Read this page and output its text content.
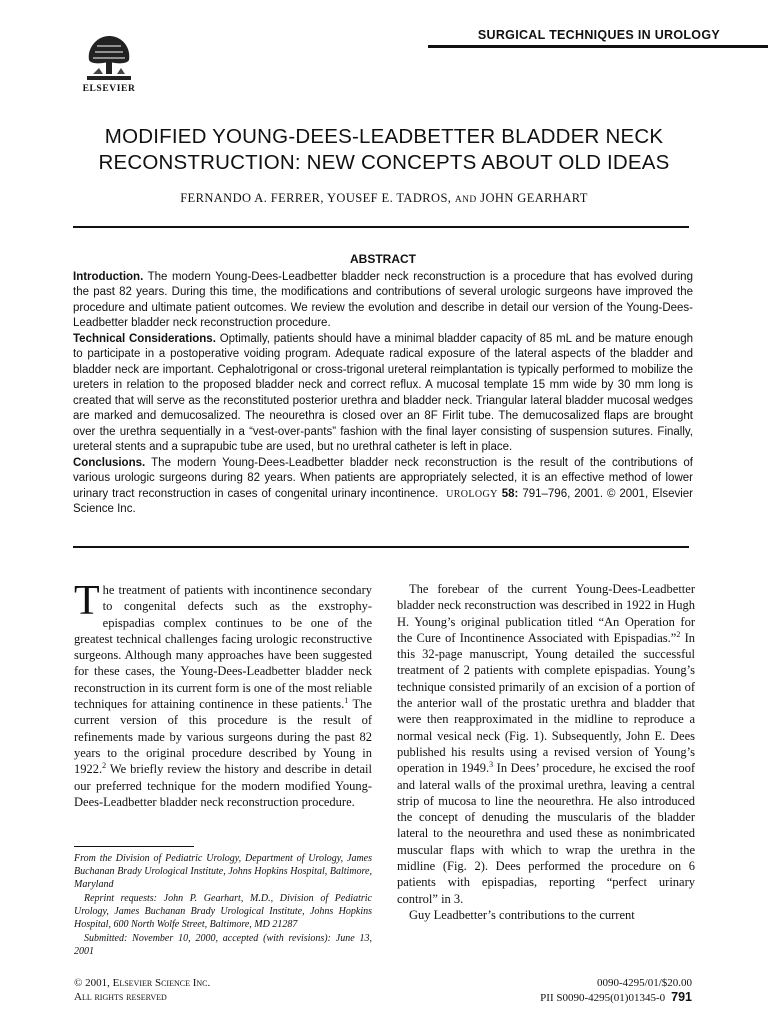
ELSEVIER
SURGICAL TECHNIQUES IN UROLOGY
MODIFIED YOUNG-DEES-LEADBETTER BLADDER NECK
RECONSTRUCTION: NEW CONCEPTS ABOUT OLD IDEAS
FERNANDO A. FERRER, YOUSEF E. TADROS, AND JOHN GEARHART
ABSTRACT

Introduction. The modern Young-Dees-Leadbetter bladder neck reconstruction is a procedure that has evolved during the past 82 years. During this time, the modifications and contributions of several urologic surgeons have improved the procedure and ultimate patient outcomes. We review the evolution and describe in detail our version of the Young-Dees-Leadbetter bladder neck reconstruction procedure.

Technical Considerations. Optimally, patients should have a minimal bladder capacity of 85 mL and be mature enough to participate in a postoperative voiding program. Adequate radical exposure of the lateral aspects of the bladder and bladder neck are important. Cephalotrigonal or cross-trigonal ureteral reimplantation is typically performed to mobilize the ureters in relation to the proposed bladder neck and correct reflux. A mucosal template 15 mm wide by 30 mm long is created that will serve as the reconstituted posterior urethra and bladder neck. Triangular lateral bladder mucosal wedges are marked and demucosalized. The neourethra is closed over an 8F Firlit tube. The demucosalized flaps are brought over the urethra sequentially in a “vest-over-pants” fashion with the final layer consisting of suspension sutures. Finally, ureteral stents and a suprapubic tube are used, but no urethral catheter is left in place.

Conclusions. The modern Young-Dees-Leadbetter bladder neck reconstruction is the result of the contributions of various urologic surgeons during 82 years. When patients are appropriately selected, it is an effective method of lower urinary tract reconstruction in cases of congenital urinary incontinence. UROLOGY 58: 791–796, 2001. © 2001, Elsevier Science Inc.

The treatment of patients with incontinence secondary to congenital defects such as the exstrophy-epispadias complex continues to be one of the greatest technical challenges facing urologic reconstructive surgeons. Although many approaches have been suggested for these cases, the Young-Dees-Leadbetter bladder neck reconstruction in its current form is one of the most reliable techniques for attaining continence in these patients.$^1$ The current version of this procedure is the result of refinements made by various surgeons during the past 82 years to the original procedure described by Young in 1922.$^2$ We briefly review the history and describe in detail our preferred technique for the modern modified Young-Dees-Leadbetter bladder neck reconstruction procedure.

The forebear of the current Young-Dees-Leadbetter bladder neck reconstruction was described in 1922 in Hugh H. Young’s original publication titled “An Operation for the Cure of Incontinence Associated with Epispadias.”$^2$ In this 32-page manuscript, Young detailed the successful treatment of 2 patients with complete epispadias. Young’s technique consisted primarily of an excision of a portion of the anterior wall of the prostatic urethra and bladder that were then reapproximated in the midline to reproduce a normal vesical neck (Fig. 1). Subsequently, John E. Dees published his results using a revised version of Young’s operation in 1949.$^3$ In Dees’ procedure, he excised the roof and lateral walls of the proximal urethra, leaving a central strip of mucosa to line the neourethra. He also introduced the concept of denuding the muscularis of the bladder lateral to the neourethra and used these as nonimbricated muscular flaps with which to wrap the urethra in the midline (Fig. 2). Dees performed the procedure on 6 patients with epispadias, reporting “perfect urinary control” in 3.

Guy Leadbetter’s contributions to the current

From the Division of Pediatric Urology, Department of Urology, James Buchanan Brady Urological Institute, Johns Hopkins Hospital, Baltimore, Maryland

Reprint requests: John P. Gearhart, M.D., Division of Pediatric Urology, James Buchanan Brady Urological Institute, Johns Hopkins Hospital, 600 North Wolfe Street, Baltimore, MD 21287

Submitted: November 10, 2000, accepted (with revisions): June 13, 2001

© 2001, Elsevier Science Inc.
All rights reserved
0090-4295/01/$20.00
PII S0090-4295(01)01345-0 791
